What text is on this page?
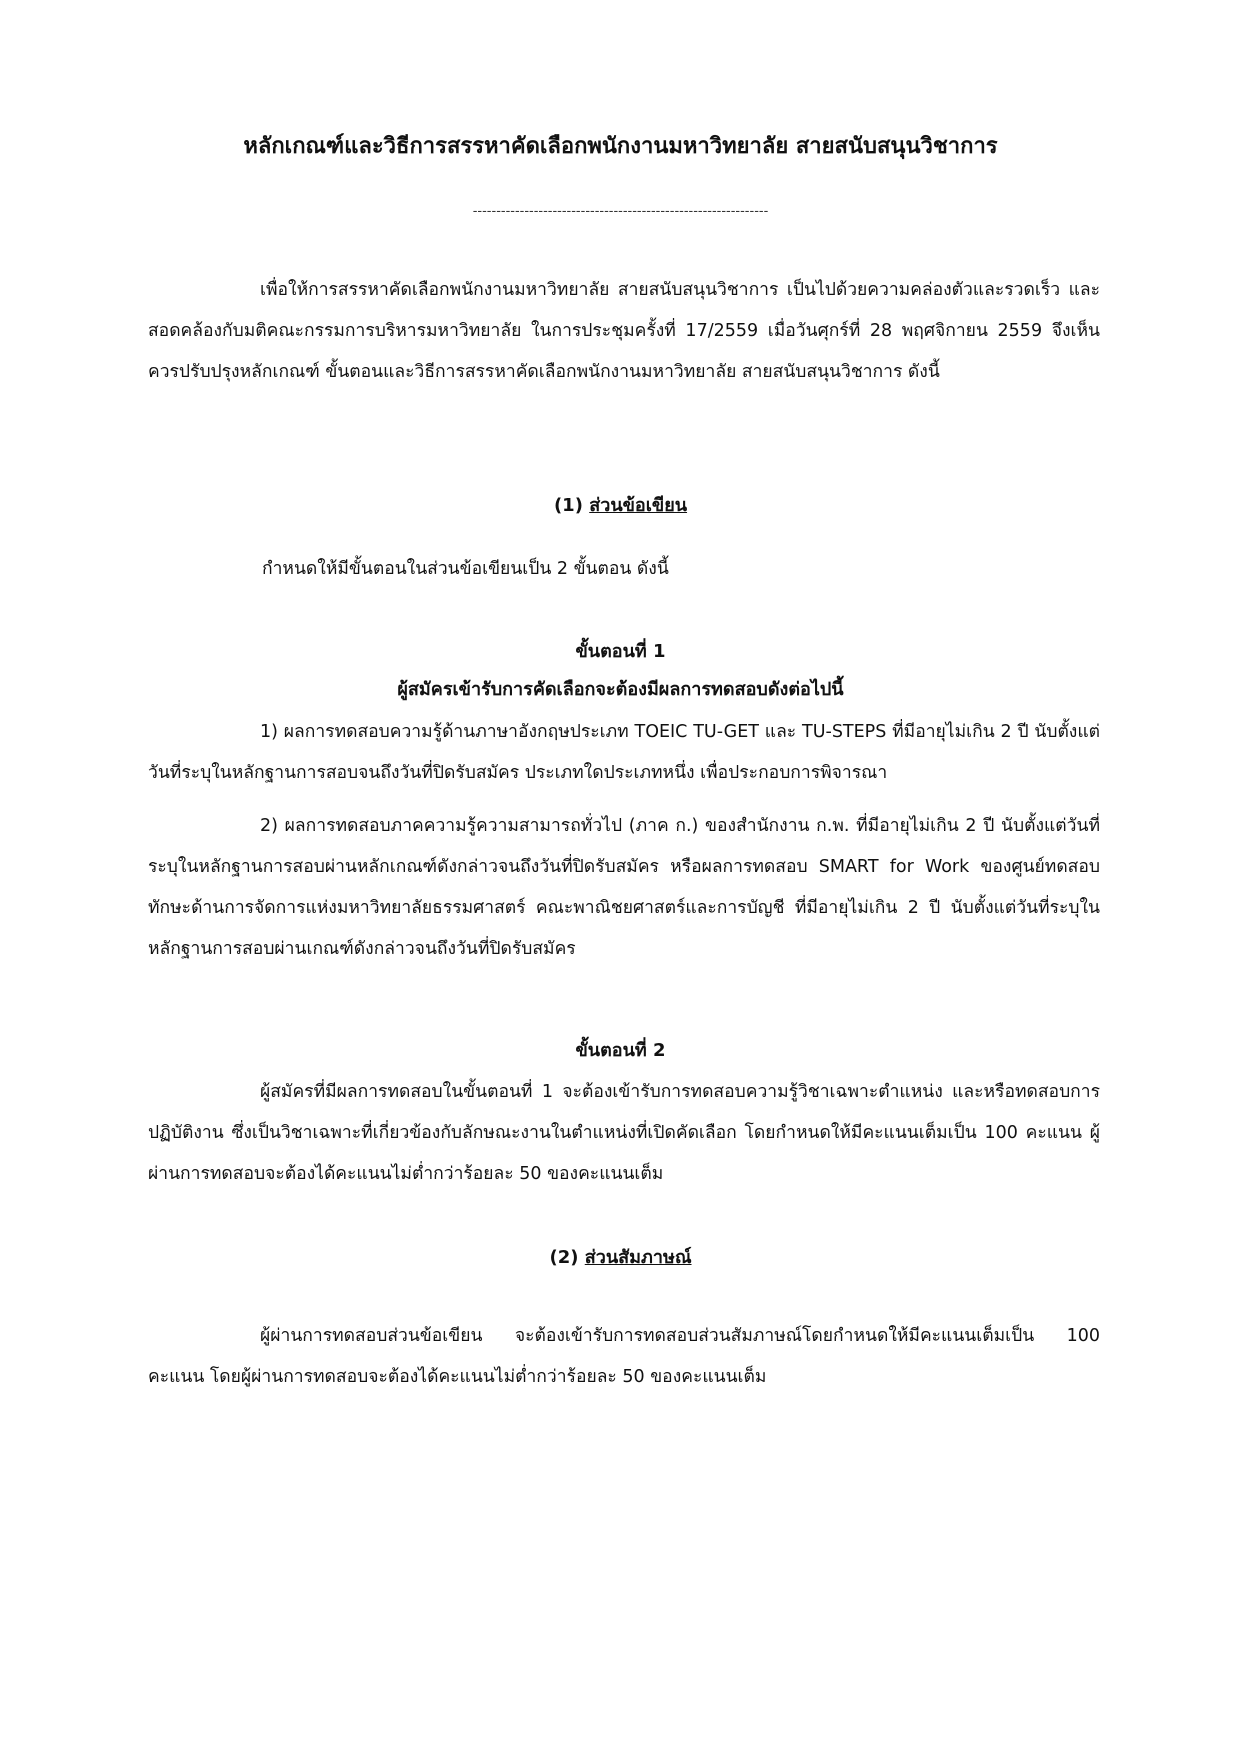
หลักเกณฑ์และวิธีการสรรหาคัดเลือกพนักงานมหาวิทยาลัย สายสนับสนุนวิชาการ
---------------------------------------------------------------
เพื่อให้การสรรหาคัดเลือกพนักงานมหาวิทยาลัย สายสนับสนุนวิชาการ เป็นไปด้วยความคล่องตัวและรวดเร็ว และสอดคล้องกับมติคณะกรรมการบริหารมหาวิทยาลัย ในการประชุมครั้งที่ 17/2559 เมื่อวันศุกร์ที่ 28 พฤศจิกายน 2559 จึงเห็นควรปรับปรุงหลักเกณฑ์ ขั้นตอนและวิธีการสรรหาคัดเลือกพนักงานมหาวิทยาลัย สายสนับสนุนวิชาการ ดังนี้
(1) ส่วนข้อเขียน
กำหนดให้มีขั้นตอนในส่วนข้อเขียนเป็น 2 ขั้นตอน ดังนี้
ขั้นตอนที่ 1
ผู้สมัครเข้ารับการคัดเลือกจะต้องมีผลการทดสอบดังต่อไปนี้
1) ผลการทดสอบความรู้ด้านภาษาอังกฤษประเภท TOEIC TU-GET และ TU-STEPS ที่มีอายุไม่เกิน 2 ปี นับตั้งแต่วันที่ระบุในหลักฐานการสอบจนถึงวันที่ปิดรับสมัคร ประเภทใดประเภทหนึ่ง เพื่อประกอบการพิจารณา
2) ผลการทดสอบภาคความรู้ความสามารถทั่วไป (ภาค ก.) ของสำนักงาน ก.พ. ที่มีอายุไม่เกิน 2 ปี นับตั้งแต่วันที่ระบุในหลักฐานการสอบผ่านหลักเกณฑ์ดังกล่าวจนถึงวันที่ปิดรับสมัคร หรือผลการทดสอบ SMART for Work ของศูนย์ทดสอบทักษะด้านการจัดการแห่งมหาวิทยาลัยธรรมศาสตร์ คณะพาณิชยศาสตร์และการบัญชี ที่มีอายุไม่เกิน 2 ปี นับตั้งแต่วันที่ระบุในหลักฐานการสอบผ่านเกณฑ์ดังกล่าวจนถึงวันที่ปิดรับสมัคร
ขั้นตอนที่ 2
ผู้สมัครที่มีผลการทดสอบในขั้นตอนที่ 1 จะต้องเข้ารับการทดสอบความรู้วิชาเฉพาะตำแหน่ง และหรือทดสอบการปฏิบัติงาน ซึ่งเป็นวิชาเฉพาะที่เกี่ยวข้องกับลักษณะงานในตำแหน่งที่เปิดคัดเลือก โดยกำหนดให้มีคะแนนเต็มเป็น 100 คะแนน ผู้ผ่านการทดสอบจะต้องได้คะแนนไม่ต่ำกว่าร้อยละ 50 ของคะแนนเต็ม
(2) ส่วนสัมภาษณ์
ผู้ผ่านการทดสอบส่วนข้อเขียน จะต้องเข้ารับการทดสอบส่วนสัมภาษณ์โดยกำหนดให้มีคะแนนเต็มเป็น 100 คะแนน โดยผู้ผ่านการทดสอบจะต้องได้คะแนนไม่ต่ำกว่าร้อยละ 50 ของคะแนนเต็ม
